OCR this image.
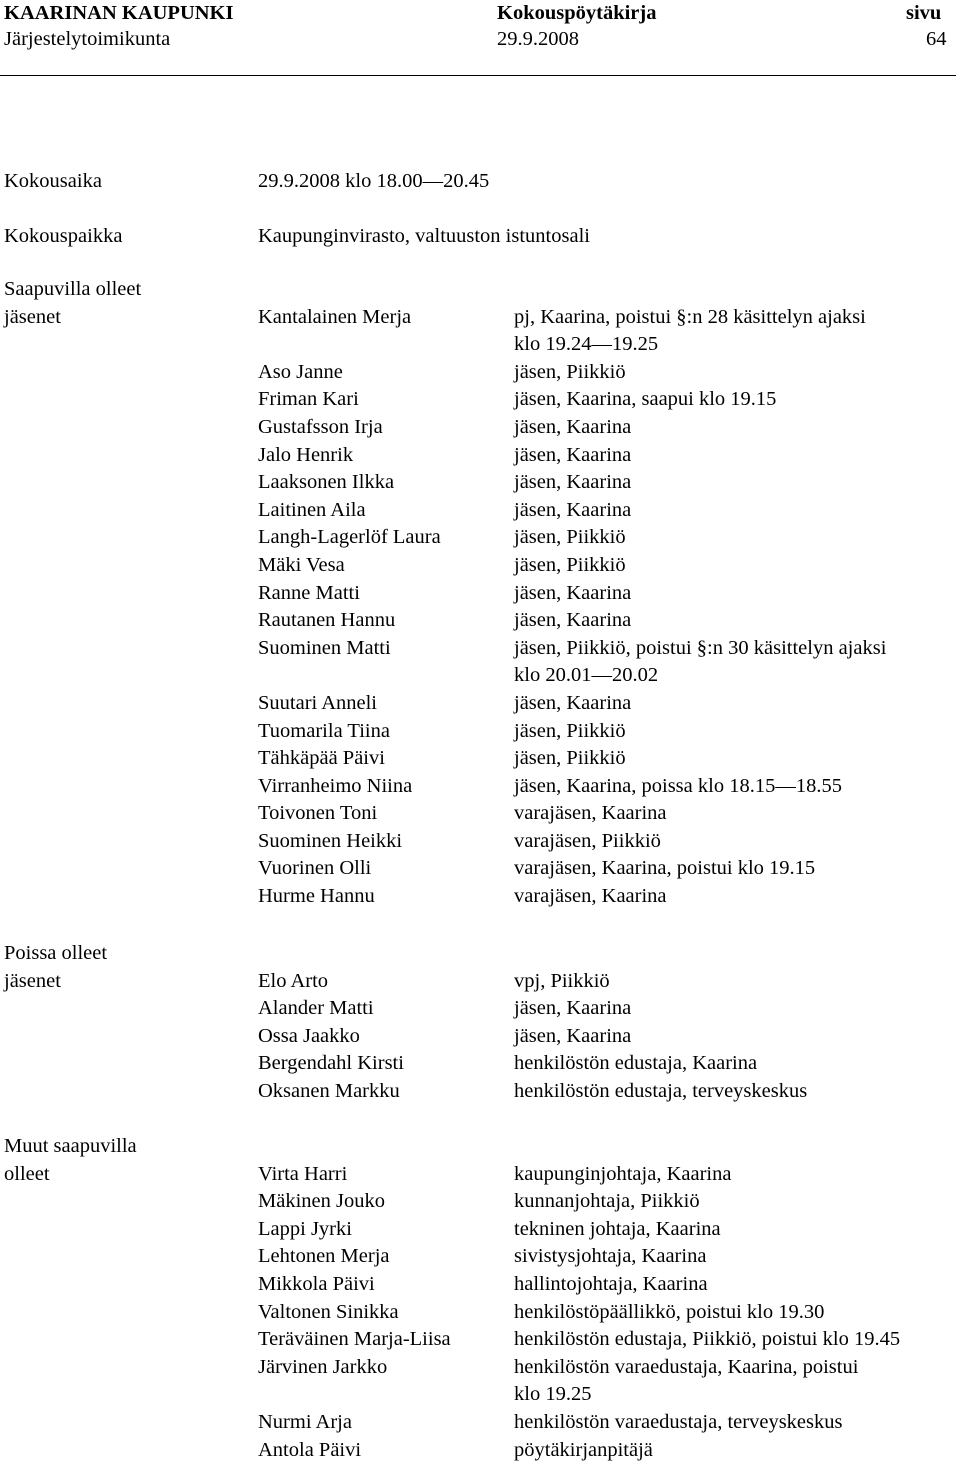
KAARINAN KAUPUNKI	Kokouspöytäkirja	sivu
Järjestelytoimikunta	29.9.2008	64
Kokousaika	29.9.2008 klo 18.00—20.45
Kokouspaikka	Kaupunginvirasto, valtuuston istuntosali
Saapuvilla olleet
jäsenet	Kantalainen Merja	pj, Kaarina, poistui §:n 28 käsittelyn ajaksi
klo 19.24—19.25
Aso Janne	jäsen, Piikkiö
Friman Kari	jäsen, Kaarina, saapui klo 19.15
Gustafsson Irja	jäsen, Kaarina
Jalo Henrik	jäsen, Kaarina
Laaksonen Ilkka	jäsen, Kaarina
Laitinen Aila	jäsen, Kaarina
Langh-Lagerlöf Laura	jäsen, Piikkiö
Mäki Vesa	jäsen, Piikkiö
Ranne Matti	jäsen, Kaarina
Rautanen Hannu	jäsen, Kaarina
Suominen Matti	jäsen, Piikkiö, poistui §:n 30 käsittelyn ajaksi
klo 20.01—20.02
Suutari Anneli	jäsen, Kaarina
Tuomarila Tiina	jäsen, Piikkiö
Tähkäpää Päivi	jäsen, Piikkiö
Virranheimo Niina	jäsen, Kaarina, poissa klo 18.15—18.55
Toivonen Toni	varajäsen, Kaarina
Suominen Heikki	varajäsen, Piikkiö
Vuorinen Olli	varajäsen, Kaarina, poistui klo 19.15
Hurme Hannu	varajäsen, Kaarina
Poissa olleet
jäsenet	Elo Arto	vpj, Piikkiö
Alander Matti	jäsen, Kaarina
Ossa Jaakko	jäsen, Kaarina
Bergendahl Kirsti	henkilöstön edustaja, Kaarina
Oksanen Markku	henkilöstön edustaja, terveyskeskus
Muut saapuvilla
olleet	Virta Harri	kaupunginjohtaja, Kaarina
Mäkinen Jouko	kunnanjohtaja, Piikkiö
Lappi Jyrki	tekninen johtaja, Kaarina
Lehtonen Merja	sivistysjohtaja, Kaarina
Mikkola Päivi	hallintojohtaja, Kaarina
Valtonen Sinikka	henkilöstöpäällikkö, poistui klo 19.30
Teräväinen Marja-Liisa	henkilöstön edustaja, Piikkiö, poistui klo 19.45
Järvinen Jarkko	henkilöstön varaedustaja, Kaarina, poistui
klo 19.25
Nurmi Arja	henkilöstön varaedustaja, terveyskeskus
Antola Päivi	pöytäkirjanpitäjä
